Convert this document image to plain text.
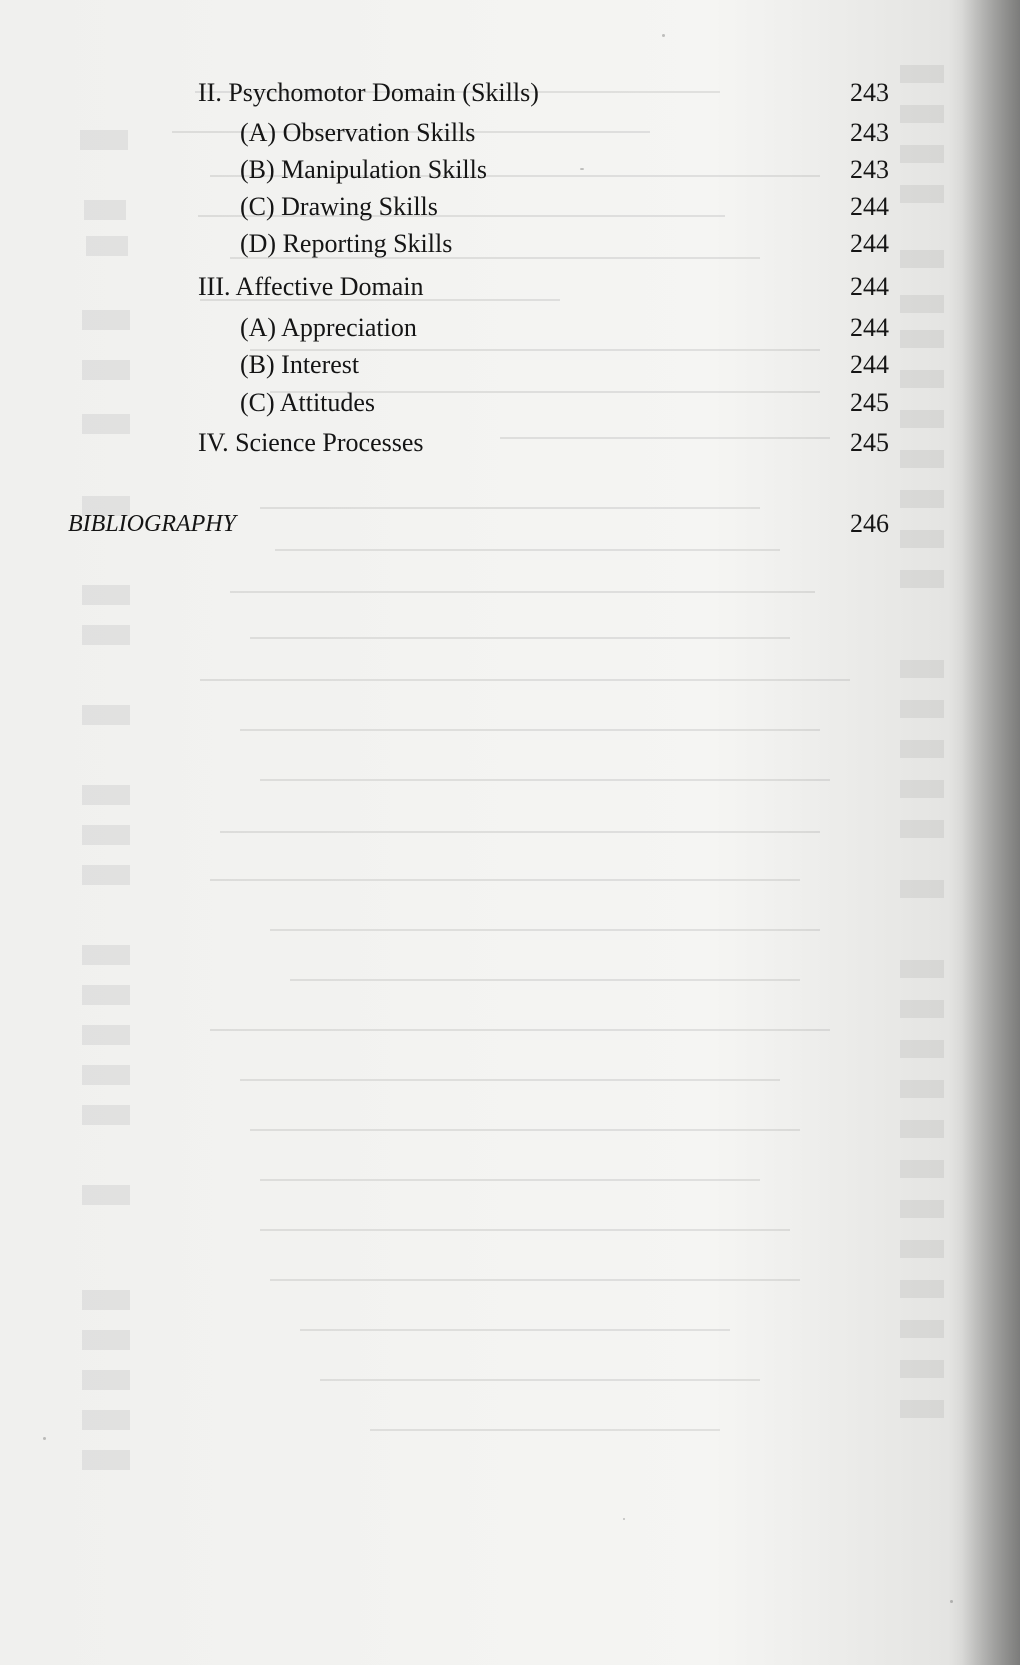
II. Psychomotor Domain (Skills)	243
(A) Observation Skills	243
(B) Manipulation Skills	243
(C) Drawing Skills	244
(D) Reporting Skills	244
III. Affective Domain	244
(A) Appreciation	244
(B) Interest	244
(C) Attitudes	245
IV. Science Processes	245
BIBLIOGRAPHY	246
